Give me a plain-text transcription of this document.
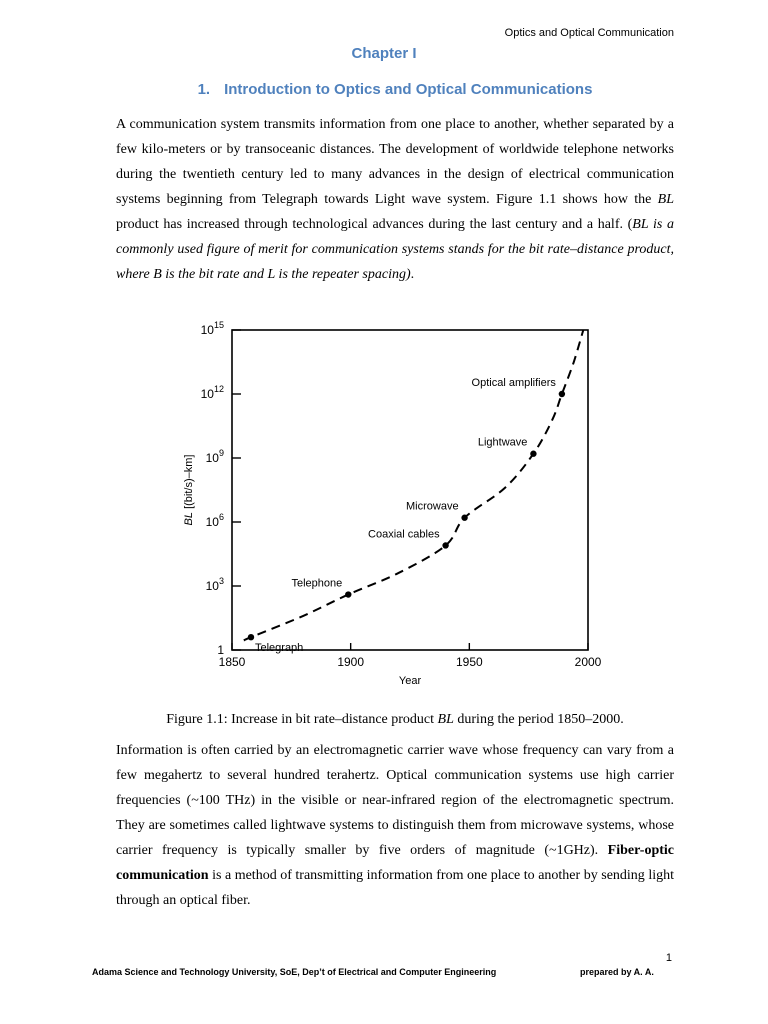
Optics and Optical Communication
Chapter I
1. Introduction to Optics and Optical Communications

A communication system transmits information from one place to another, whether separated by a few kilo-meters or by transoceanic distances. The development of worldwide telephone networks during the twentieth century led to many advances in the design of electrical communication systems beginning from Telegraph towards Light wave system. Figure 1.1 shows how the BL product has increased through technological advances during the last century and a half. (BL is a commonly used figure of merit for communication systems stands for the bit rate–distance product, where B is the bit rate and L is the repeater spacing).

1850	1900	1950	2000
1
$10^3$
$10^6$
$10^9$
$10^{12}$
$10^{15}$
Telegraph
Telephone
Coaxial cables
Microwave
Lightwave
Optical amplifiers
Year
BL [(bit/s)–km]
Figure 1.1: Increase in bit rate–distance product BL during the period 1850–2000.

Information is often carried by an electromagnetic carrier wave whose frequency can vary from a few megahertz to several hundred terahertz. Optical communication systems use high carrier frequencies (~100 THz) in the visible or near-infrared region of the electromagnetic spectrum. They are sometimes called lightwave systems to distinguish them from microwave systems, whose carrier frequency is typically smaller by five orders of magnitude (~1GHz). Fiber-optic communication is a method of transmitting information from one place to another by sending light through an optical fiber.

1
Adama Science and Technology University, SoE, Dep’t of Electrical and Computer Engineering	prepared by A. A.
